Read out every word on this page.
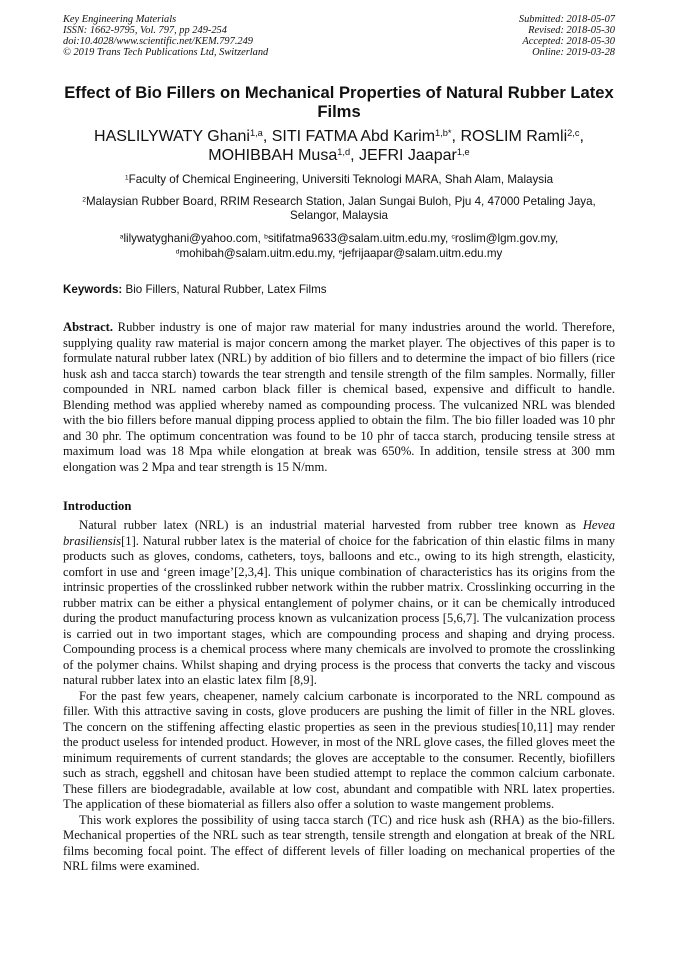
Key Engineering Materials
ISSN: 1662-9795, Vol. 797, pp 249-254
doi:10.4028/www.scientific.net/KEM.797.249
© 2019 Trans Tech Publications Ltd, Switzerland
Submitted: 2018-05-07
Revised: 2018-05-30
Accepted: 2018-05-30
Online: 2019-03-28
Effect of Bio Fillers on Mechanical Properties of Natural Rubber Latex Films
HASLILYWATY Ghani$^{1,a}$, SITI FATMA Abd Karim$^{1,b*}$, ROSLIM Ramli$^{2,c}$,
MOHIBBAH Musa$^{1,d}$, JEFRI Jaapar$^{1,e}$
$^1$Faculty of Chemical Engineering, Universiti Teknologi MARA, Shah Alam, Malaysia
$^2$Malaysian Rubber Board, RRIM Research Station, Jalan Sungai Buloh, Pju 4, 47000 Petaling Jaya, Selangor, Malaysia
$^a$lilywatyghani@yahoo.com, $^b$sitifatma9633@salam.uitm.edu.my, $^c$roslim@lgm.gov.my,
$^d$mohibah@salam.uitm.edu.my, $^e$jefrijaapar@salam.uitm.edu.my
Keywords: Bio Fillers, Natural Rubber, Latex Films
Abstract. Rubber industry is one of major raw material for many industries around the world. Therefore, supplying quality raw material is major concern among the market player. The objectives of this paper is to formulate natural rubber latex (NRL) by addition of bio fillers and to determine the impact of bio fillers (rice husk ash and tacca starch) towards the tear strength and tensile strength of the film samples. Normally, filler compounded in NRL named carbon black filler is chemical based, expensive and difficult to handle. Blending method was applied whereby named as compounding process. The vulcanized NRL was blended with the bio fillers before manual dipping process applied to obtain the film. The bio filler loaded was 10 phr and 30 phr. The optimum concentration was found to be 10 phr of tacca starch, producing tensile stress at maximum load was 18 Mpa while elongation at break was 650%. In addition, tensile stress at 300 mm elongation was 2 Mpa and tear strength is 15 N/mm.
Introduction

Natural rubber latex (NRL) is an industrial material harvested from rubber tree known as Hevea brasiliensis[1]. Natural rubber latex is the material of choice for the fabrication of thin elastic films in many products such as gloves, condoms, catheters, toys, balloons and etc., owing to its high strength, elasticity, comfort in use and ‘green image’[2,3,4]. This unique combination of characteristics has its origins from the intrinsic properties of the crosslinked rubber network within the rubber matrix. Crosslinking occurring in the rubber matrix can be either a physical entanglement of polymer chains, or it can be chemically introduced during the product manufacturing process known as vulcanization process [5,6,7]. The vulcanization process is carried out in two important stages, which are compounding process and shaping and drying process. Compounding process is a chemical process where many chemicals are involved to promote the crosslinking of the polymer chains. Whilst shaping and drying process is the process that converts the tacky and viscous natural rubber latex into an elastic latex film [8,9].

For the past few years, cheapener, namely calcium carbonate is incorporated to the NRL compound as filler. With this attractive saving in costs, glove producers are pushing the limit of filler in the NRL gloves. The concern on the stiffening affecting elastic properties as seen in the previous studies[10,11] may render the product useless for intended product. However, in most of the NRL glove cases, the filled gloves meet the minimum requirements of current standards; the gloves are acceptable to the consumer. Recently, biofillers such as strach, eggshell and chitosan have been studied attempt to replace the common calcium carbonate. These fillers are biodegradable, available at low cost, abundant and compatible with NRL latex properties. The application of these biomaterial as fillers also offer a solution to waste mangement problems.

This work explores the possibility of using tacca starch (TC) and rice husk ash (RHA) as the bio-fillers. Mechanical properties of the NRL such as tear strength, tensile strength and elongation at break of the NRL films becoming focal point. The effect of different levels of filler loading on mechanical properties of the NRL films were examined.
